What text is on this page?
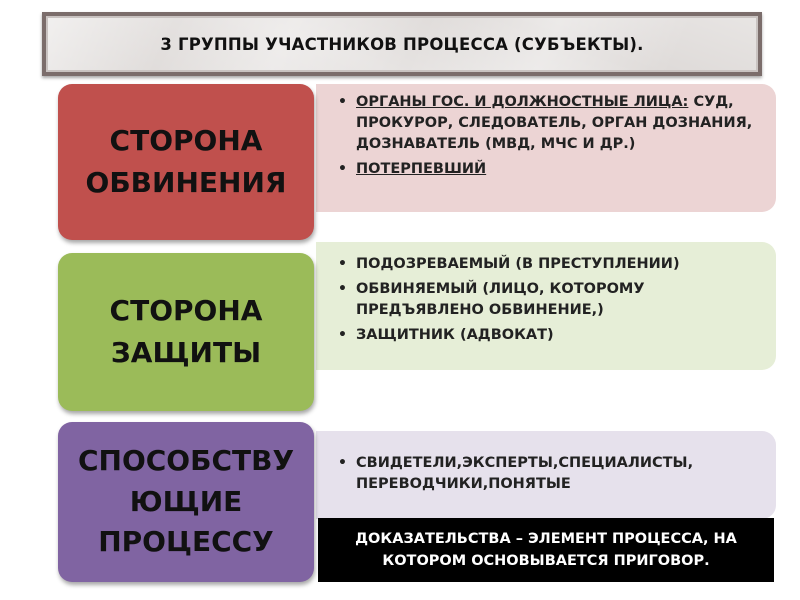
3 ГРУППЫ УЧАСТНИКОВ ПРОЦЕССА (СУБЪЕКТЫ).
• ОРГАНЫ ГОС. И ДОЛЖНОСТНЫЕ ЛИЦА: СУД, ПРОКУРОР, СЛЕДОВАТЕЛЬ, ОРГАН ДОЗНАНИЯ, ДОЗНАВАТЕЛЬ (МВД, МЧС И ДР.)
• ПОТЕРПЕВШИЙ
СТОРОНА
ОБВИНЕНИЯ
• ПОДОЗРЕВАЕМЫЙ (В ПРЕСТУПЛЕНИИ)
• ОБВИНЯЕМЫЙ (ЛИЦО, КОТОРОМУ ПРЕДЪЯВЛЕНО ОБВИНЕНИЕ,)
• ЗАЩИТНИК (АДВОКАТ)
СТОРОНА
ЗАЩИТЫ
• СВИДЕТЕЛИ,ЭКСПЕРТЫ,СПЕЦИАЛИСТЫ, ПЕРЕВОДЧИКИ,ПОНЯТЫЕ
СПОСОБСТВУ
ЮЩИЕ
ПРОЦЕССУ	ДОКАЗАТЕЛЬСТВА – ЭЛЕМЕНТ ПРОЦЕССА, НА КОТОРОМ ОСНОВЫВАЕТСЯ ПРИГОВОР.
